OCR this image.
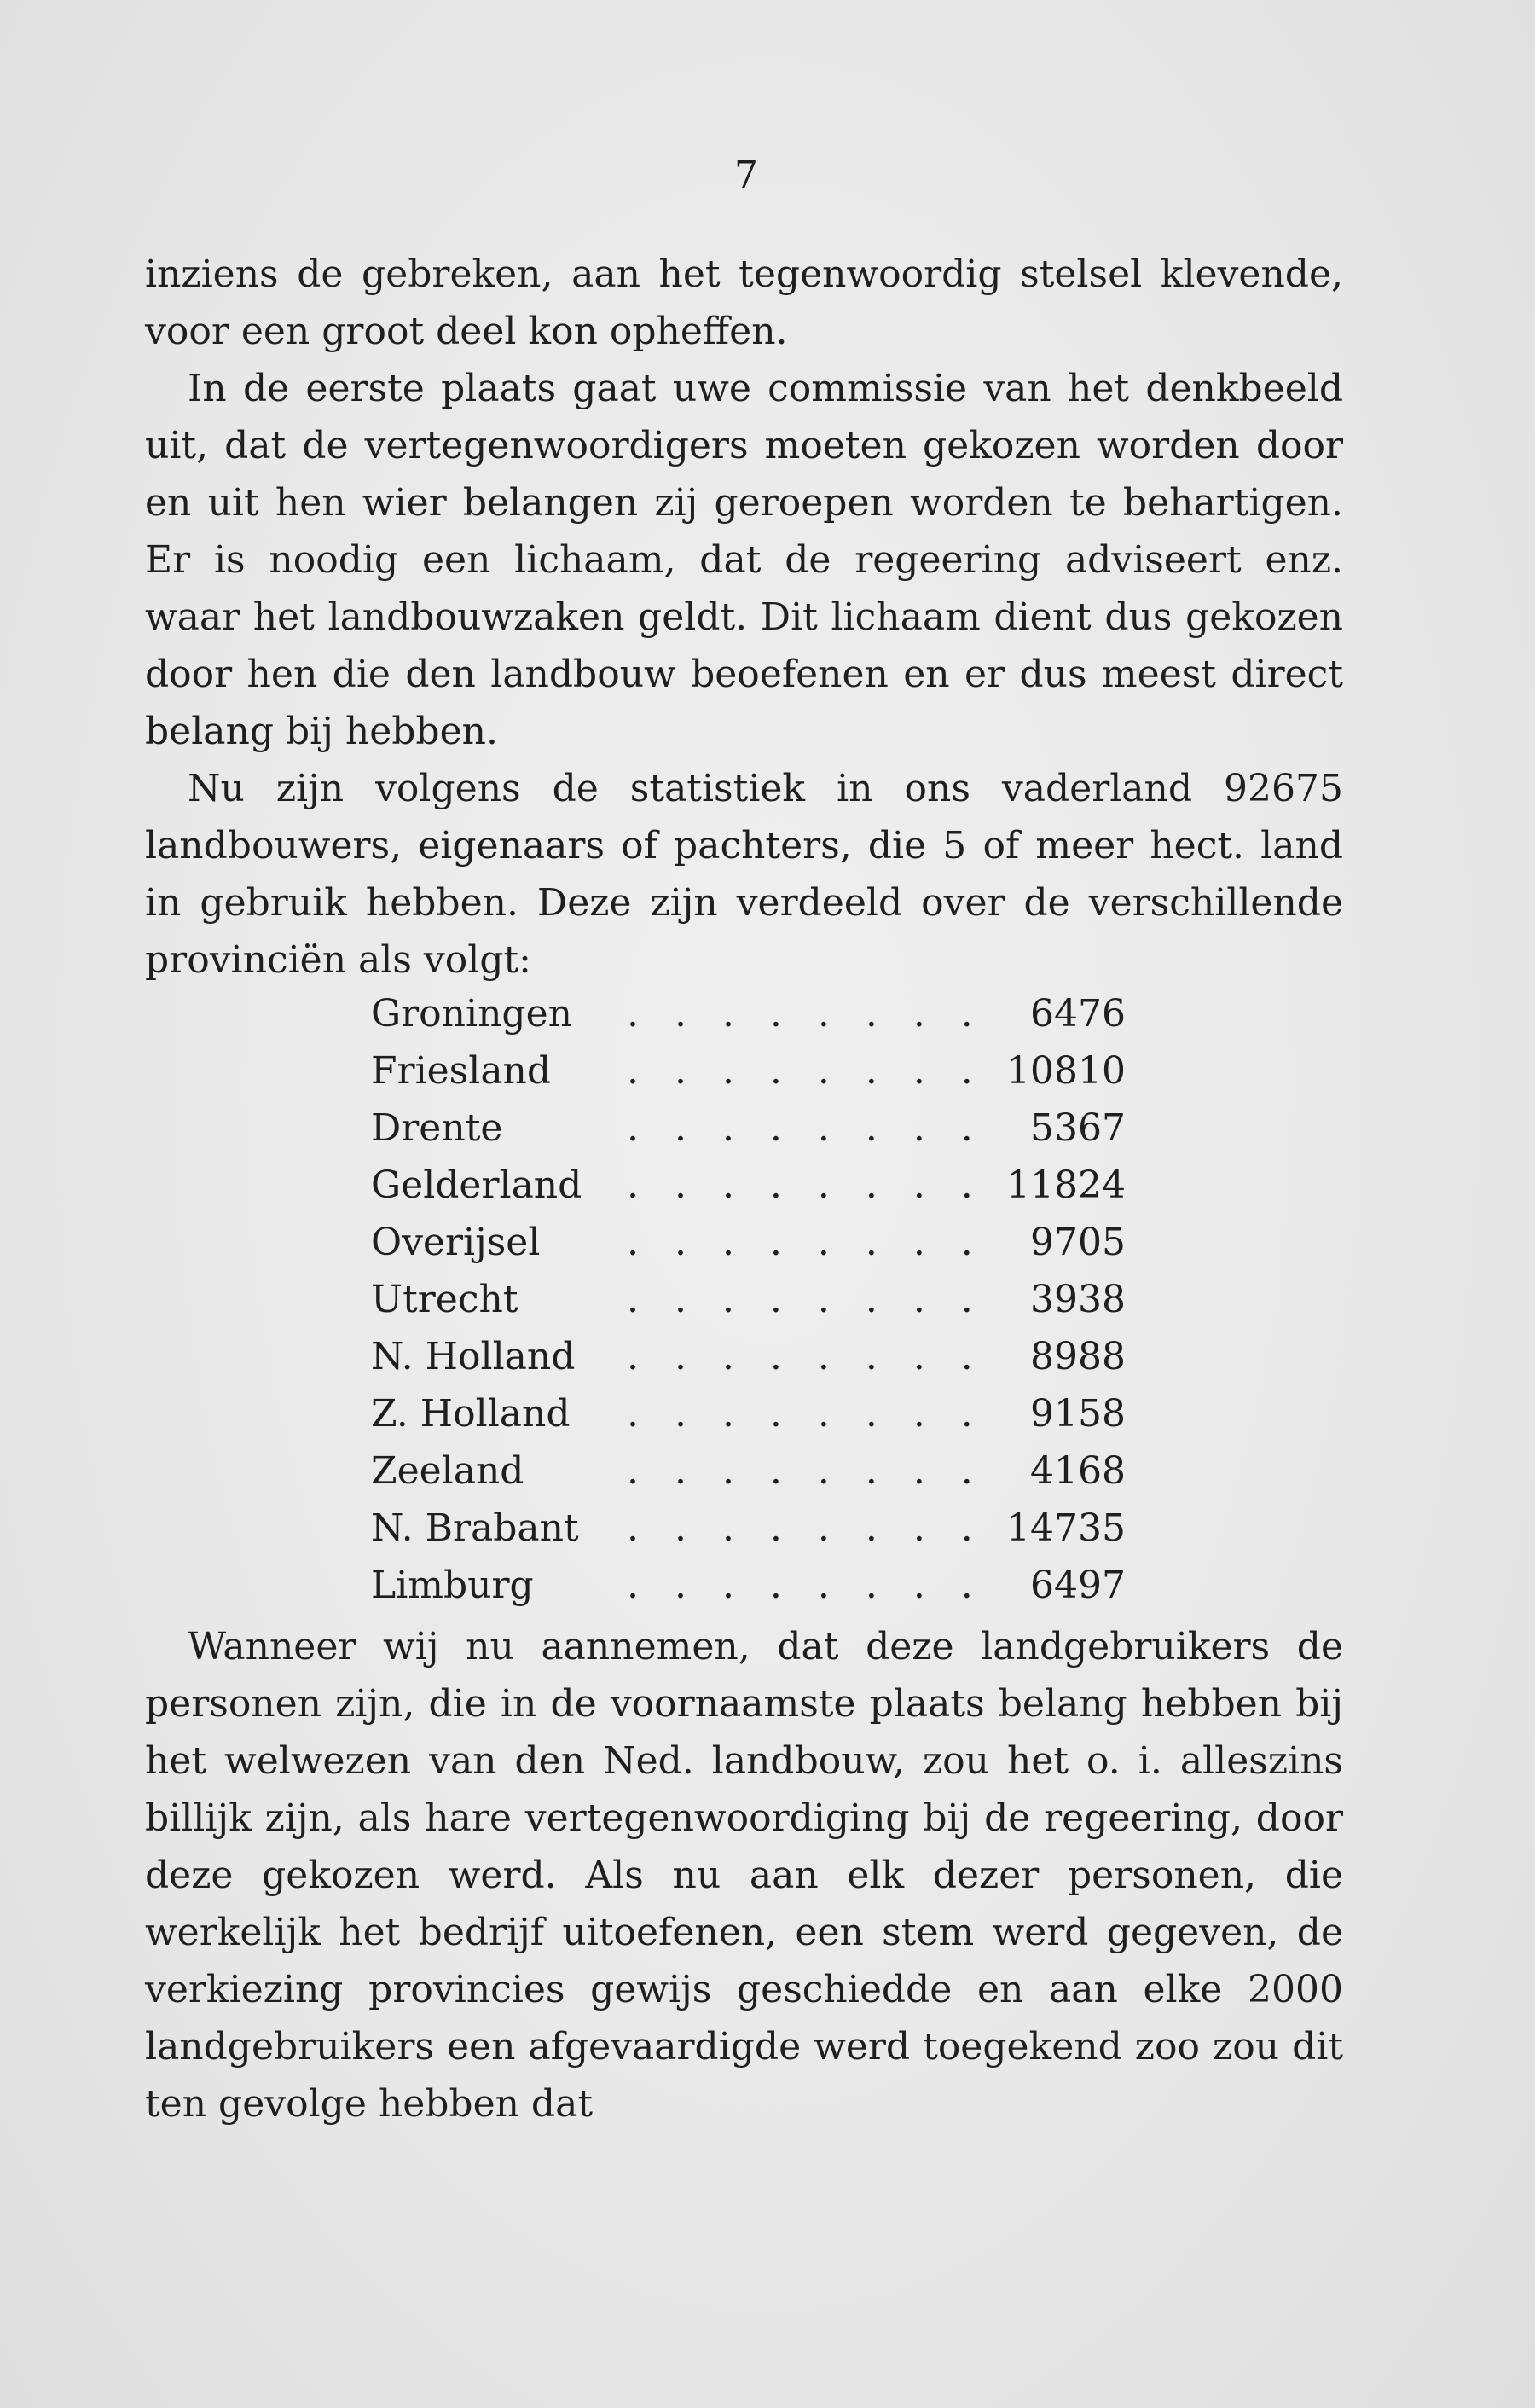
7

inziens de gebreken, aan het tegenwoordig stelsel klevende, voor een groot deel kon opheffen.

In de eerste plaats gaat uwe commissie van het denkbeeld uit, dat de vertegenwoordigers moeten gekozen worden door en uit hen wier belangen zij geroepen worden te behartigen. Er is noodig een lichaam, dat de regeering adviseert enz. waar het landbouwzaken geldt. Dit lichaam dient dus gekozen door hen die den landbouw beoefenen en er dus meest direct belang bij hebben.

Nu zijn volgens de statistiek in ons vaderland 92675 landbouwers, eigenaars of pachters, die 5 of meer hect. land in gebruik hebben. Deze zijn verdeeld over de verschillende provinciën als volgt:

Groningen . . . . . . . .	6476
Friesland . . . . . . . . 10810
Drente	. . . . . . . .	5367
Gelderland . . . . . . . . 11824
Overijsel . . . . . . . .	9705
Utrecht	. . . . . . . .	3938
N. Holland . . . . . . . .	8988
Z. Holland . . . . . . . .	9158
Zeeland	. . . . . . . .	4168
N. Brabant . . . . . . . . 14735
Limburg . . . . . . . .	6497

Wanneer wij nu aannemen, dat deze landgebruikers de personen zijn, die in de voornaamste plaats belang hebben bij het welwezen van den Ned. landbouw, zou het o. i. alleszins billijk zijn, als hare vertegenwoordiging bij de regeering, door deze gekozen werd. Als nu aan elk dezer personen, die werkelijk het bedrijf uitoefenen, een stem werd gegeven, de verkiezing provincies gewijs geschiedde en aan elke 2000 landgebruikers een afgevaardigde werd toegekend zoo zou dit ten gevolge hebben dat
